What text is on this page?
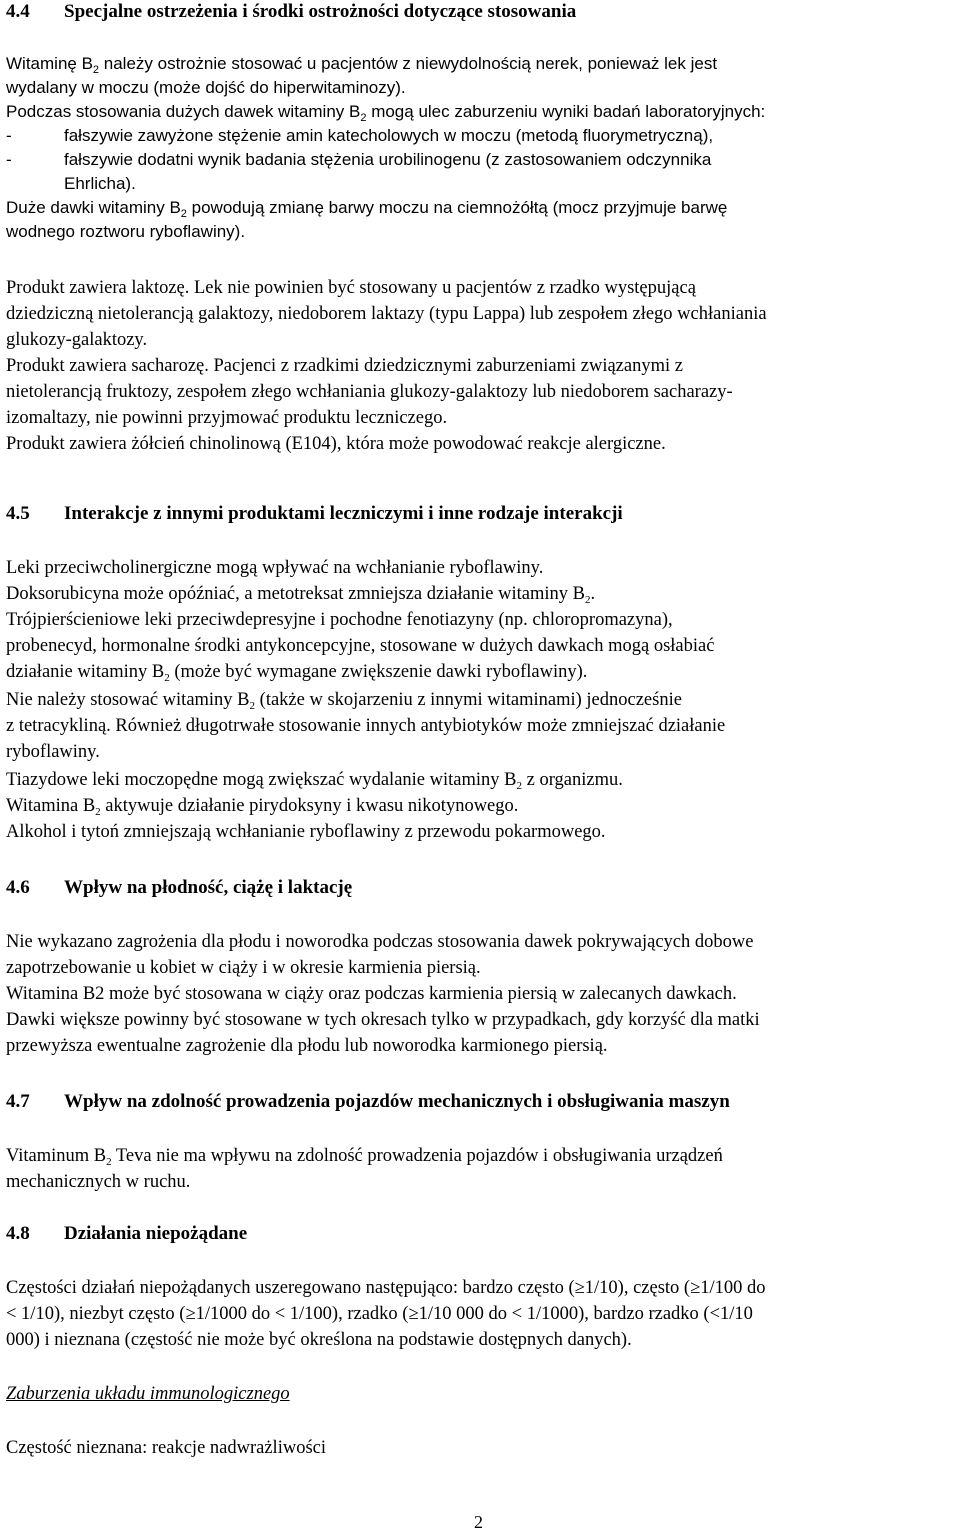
4.4 Specjalne ostrzeżenia i środki ostrożności dotyczące stosowania
Witaminę $B_2$ należy ostrożnie stosować u pacjentów z niewydolnością nerek, ponieważ lek jest
wydalany w moczu (może dojść do hiperwitaminozy).
Podczas stosowania dużych dawek witaminy $B_2$ mogą ulec zaburzeniu wyniki badań laboratoryjnych:
-	fałszywie zawyżone stężenie amin katecholowych w moczu (metodą fluorymetryczną),
-	fałszywie dodatni wynik badania stężenia urobilinogenu (z zastosowaniem odczynnika
Ehrlicha).
Duże dawki witaminy $B_2$ powodują zmianę barwy moczu na ciemnożółtą (mocz przyjmuje barwę
wodnego roztworu ryboflawiny).
Produkt zawiera laktozę. Lek nie powinien być stosowany u pacjentów z rzadko występującą
dziedziczną nietolerancją galaktozy, niedoborem laktazy (typu Lappa) lub zespołem złego wchłaniania
glukozy-galaktozy.
Produkt zawiera sacharozę. Pacjenci z rzadkimi dziedzicznymi zaburzeniami związanymi z
nietolerancją fruktozy, zespołem złego wchłaniania glukozy-galaktozy lub niedoborem sacharazy-
izomaltazy, nie powinni przyjmować produktu leczniczego.
Produkt zawiera żółcień chinolinową (E104), która może powodować reakcje alergiczne.
4.5 Interakcje z innymi produktami leczniczymi i inne rodzaje interakcji
Leki przeciwcholinergiczne mogą wpływać na wchłanianie ryboflawiny.
Doksorubicyna może opóźniać, a metotreksat zmniejsza działanie witaminy $B_2$.
Trójpierścieniowe leki przeciwdepresyjne i pochodne fenotiazyny (np. chloropromazyna),
probenecyd, hormonalne środki antykoncepcyjne, stosowane w dużych dawkach mogą osłabiać
działanie witaminy $B_2$ (może być wymagane zwiększenie dawki ryboflawiny).
Nie należy stosować witaminy $B_2$ (także w skojarzeniu z innymi witaminami) jednocześnie
z tetracykliną. Również długotrwałe stosowanie innych antybiotyków może zmniejszać działanie
ryboflawiny.
Tiazydowe leki moczopędne mogą zwiększać wydalanie witaminy $B_2$ z organizmu.
Witamina $B_2$ aktywuje działanie pirydoksyny i kwasu nikotynowego.
Alkohol i tytoń zmniejszają wchłanianie ryboflawiny z przewodu pokarmowego.
4.6 Wpływ na płodność, ciążę i laktację
Nie wykazano zagrożenia dla płodu i noworodka podczas stosowania dawek pokrywających dobowe
zapotrzebowanie u kobiet w ciąży i w okresie karmienia piersią.
Witamina B2 może być stosowana w ciąży oraz podczas karmienia piersią w zalecanych dawkach.
Dawki większe powinny być stosowane w tych okresach tylko w przypadkach, gdy korzyść dla matki
przewyższa ewentualne zagrożenie dla płodu lub noworodka karmionego piersią.
4.7 Wpływ na zdolność prowadzenia pojazdów mechanicznych i obsługiwania maszyn
Vitaminum $B_2$ Teva nie ma wpływu na zdolność prowadzenia pojazdów i obsługiwania urządzeń
mechanicznych w ruchu.
4.8 Działania niepożądane
Częstości działań niepożądanych uszeregowano następująco: bardzo często (≥1/10), często (≥1/100 do
< 1/10), niezbyt często (≥1/1000 do < 1/100), rzadko (≥1/10 000 do < 1/1000), bardzo rzadko (<1/10
000) i nieznana (częstość nie może być określona na podstawie dostępnych danych).
Zaburzenia układu immunologicznego
Częstość nieznana: reakcje nadwrażliwości
2
